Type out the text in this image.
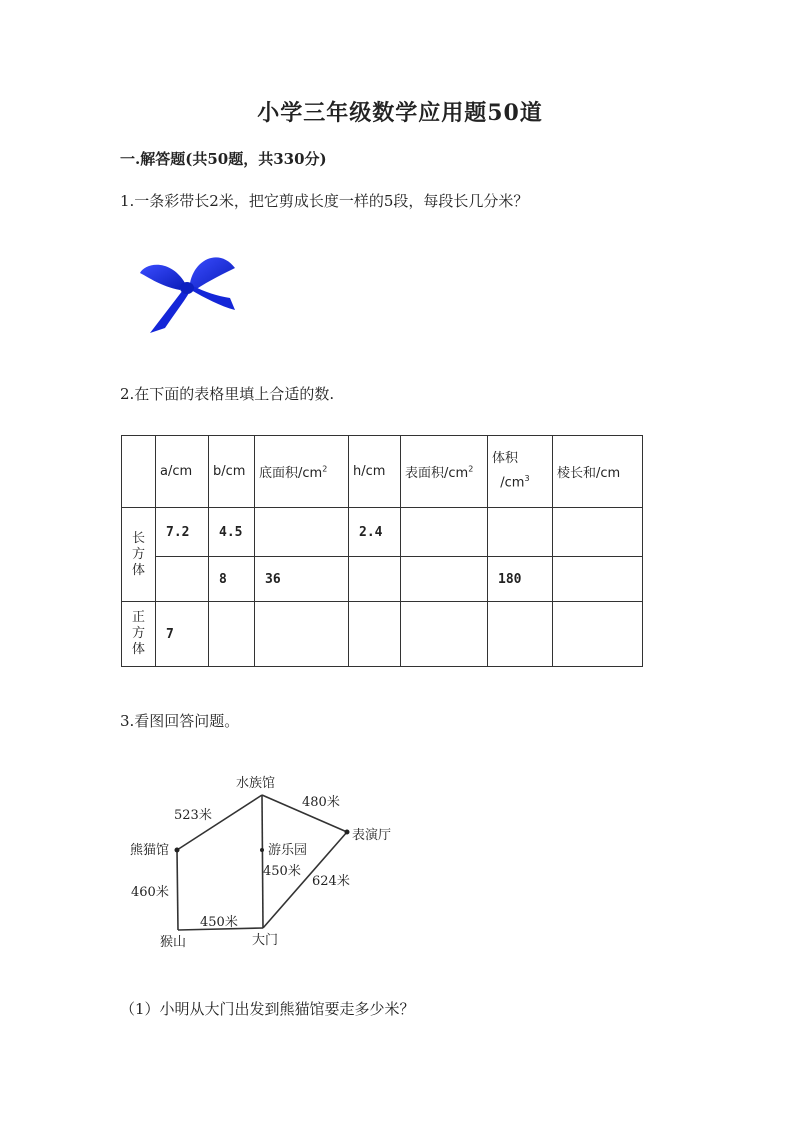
小学三年级数学应用题50道
一.解答题(共50题，共330分)
1.一条彩带长2米，把它剪成长度一样的5段，每段长几分米？
2.在下面的表格里填上合适的数.
	a/cm	b/cm	底面积$/cm^2$	h/cm	表面积$/cm^2$	体积
$/cm^3$	棱长和/cm
长方体	7.2	4.5		2.4			
		8	36			180	
正方体	7						
3.看图回答问题。
水族馆
熊猫馆
表演厅
游乐园
猴山	大门
523米
480米
450米
624米
460米
450米
（1）小明从大门出发到熊猫馆要走多少米？
